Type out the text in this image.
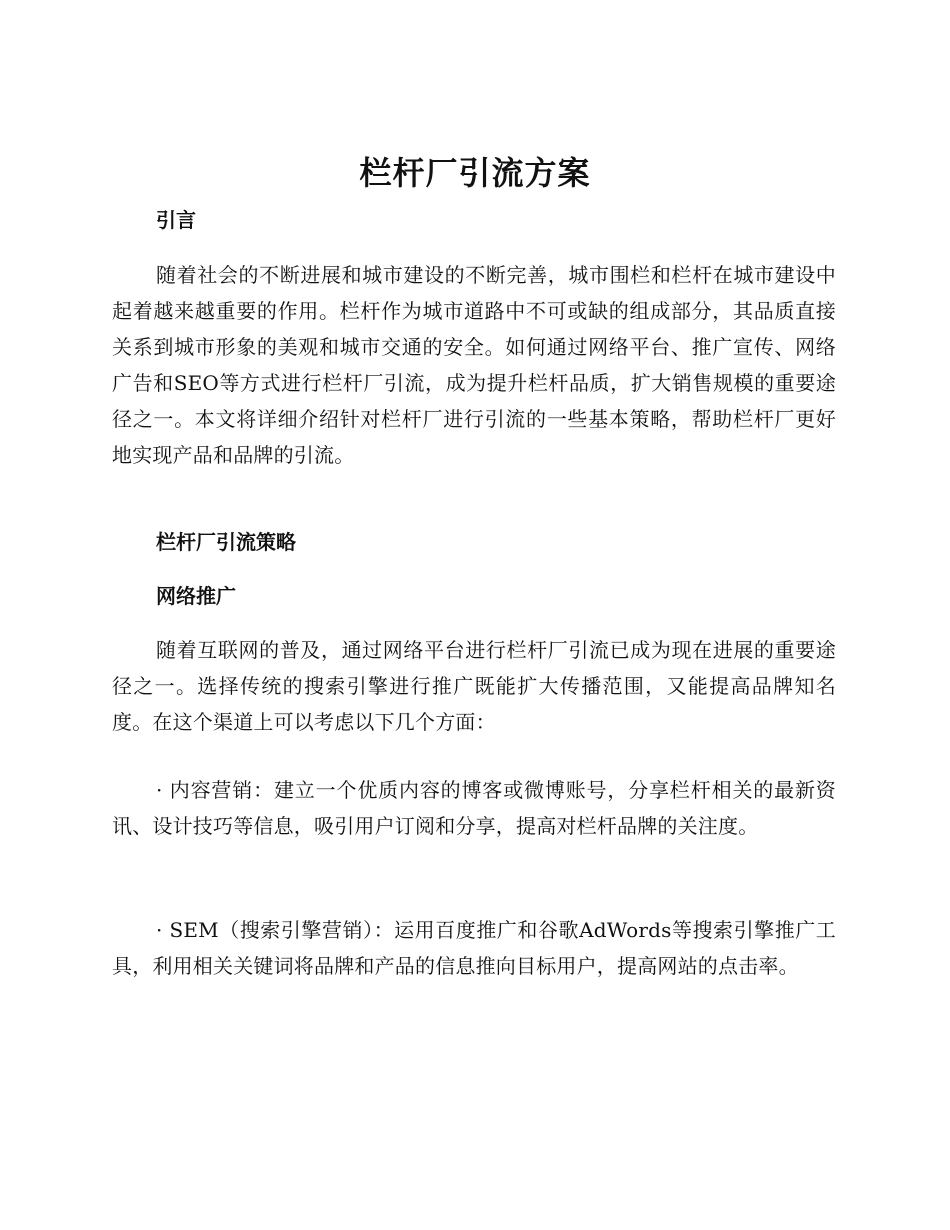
栏杆厂引流方案
引言

随着社会的不断进展和城市建设的不断完善，城市围栏和栏杆在城市建设中起着越来越重要的作用。栏杆作为城市道路中不可或缺的组成部分，其品质直接关系到城市形象的美观和城市交通的安全。如何通过网络平台、推广宣传、网络广告和SEO等方式进行栏杆厂引流，成为提升栏杆品质，扩大销售规模的重要途径之一。本文将详细介绍针对栏杆厂进行引流的一些基本策略，帮助栏杆厂更好地实现产品和品牌的引流。

栏杆厂引流策略
网络推广

随着互联网的普及，通过网络平台进行栏杆厂引流已成为现在进展的重要途径之一。选择传统的搜索引擎进行推广既能扩大传播范围，又能提高品牌知名度。在这个渠道上可以考虑以下几个方面：

· 内容营销：建立一个优质内容的博客或微博账号，分享栏杆相关的最新资讯、设计技巧等信息，吸引用户订阅和分享，提高对栏杆品牌的关注度。

· SEM（搜索引擎营销）：运用百度推广和谷歌AdWords等搜索引擎推广工具，利用相关关键词将品牌和产品的信息推向目标用户，提高网站的点击率。
